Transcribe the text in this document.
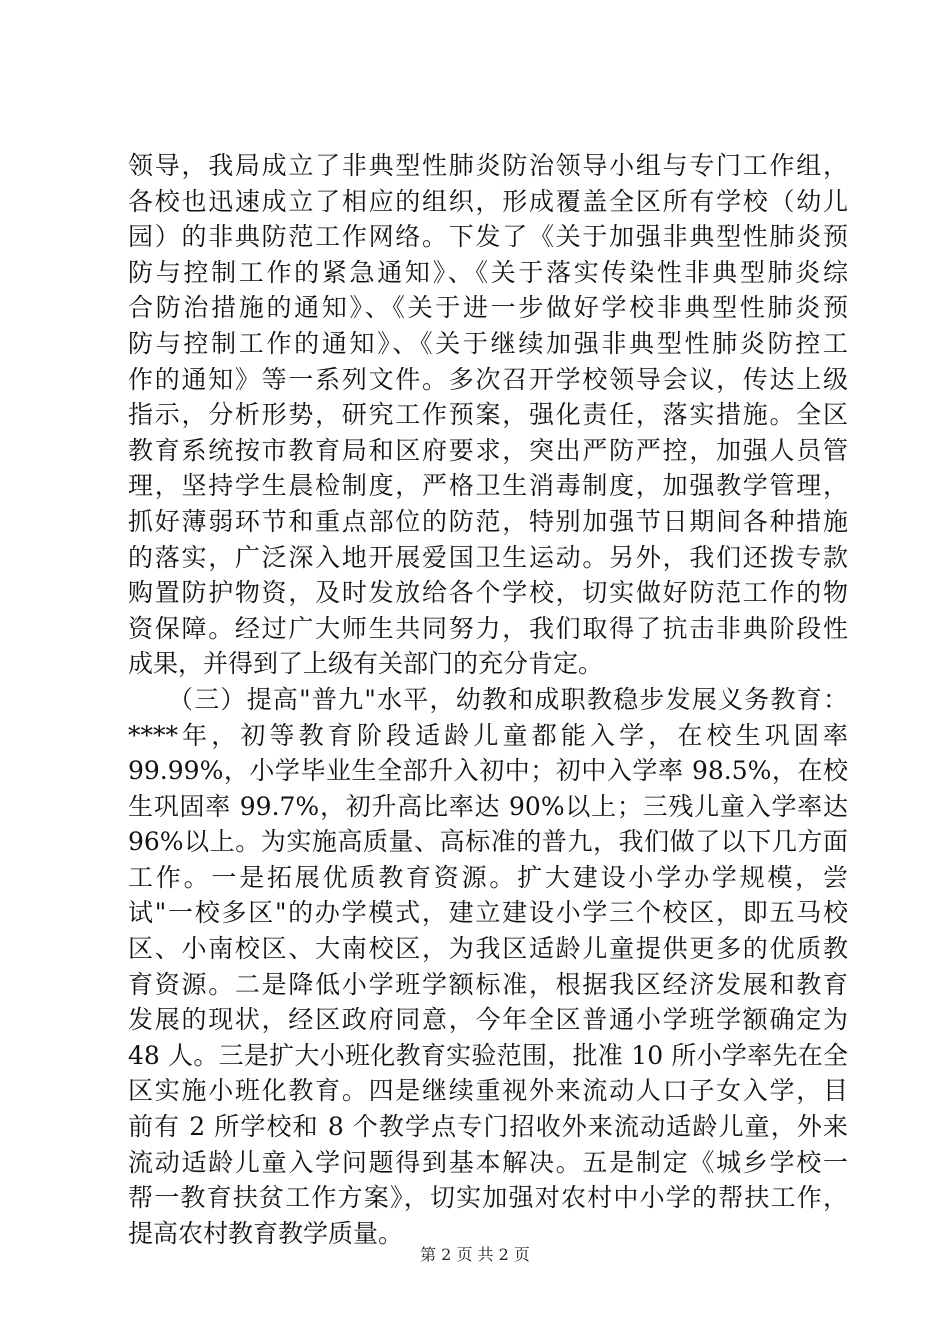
领导，我局成立了非典型性肺炎防治领导小组与专门工作组，
各校也迅速成立了相应的组织，形成覆盖全区所有学校（幼儿
园）的非典防范工作网络。下发了《关于加强非典型性肺炎预
防与控制工作的紧急通知》、《关于落实传染性非典型肺炎综
合防治措施的通知》、《关于进一步做好学校非典型性肺炎预
防与控制工作的通知》、《关于继续加强非典型性肺炎防控工
作的通知》等一系列文件。多次召开学校领导会议，传达上级
指示，分析形势，研究工作预案，强化责任，落实措施。全区
教育系统按市教育局和区府要求，突出严防严控，加强人员管
理，坚持学生晨检制度，严格卫生消毒制度，加强教学管理，
抓好薄弱环节和重点部位的防范，特别加强节日期间各种措施
的落实，广泛深入地开展爱国卫生运动。另外，我们还拨专款
购置防护物资，及时发放给各个学校，切实做好防范工作的物
资保障。经过广大师生共同努力，我们取得了抗击非典阶段性
成果，并得到了上级有关部门的充分肯定。
　　（三）提高"普九"水平，幼教和成职教稳步发展义务教育：
****年，初等教育阶段适龄儿童都能入学，在校生巩固率
99.99%，小学毕业生全部升入初中；初中入学率 98.5%，在校
生巩固率 99.7%，初升高比率达 90%以上；三残儿童入学率达
96%以上。为实施高质量、高标准的普九，我们做了以下几方面
工作。一是拓展优质教育资源。扩大建设小学办学规模，尝
试"一校多区"的办学模式，建立建设小学三个校区，即五马校
区、小南校区、大南校区，为我区适龄儿童提供更多的优质教
育资源。二是降低小学班学额标准，根据我区经济发展和教育
发展的现状，经区政府同意，今年全区普通小学班学额确定为
48 人。三是扩大小班化教育实验范围，批准 10 所小学率先在全
区实施小班化教育。四是继续重视外来流动人口子女入学，目
前有 2 所学校和 8 个教学点专门招收外来流动适龄儿童，外来
流动适龄儿童入学问题得到基本解决。五是制定《城乡学校一
帮一教育扶贫工作方案》，切实加强对农村中小学的帮扶工作，
提高农村教育教学质量。
第 2 页 共 2 页
